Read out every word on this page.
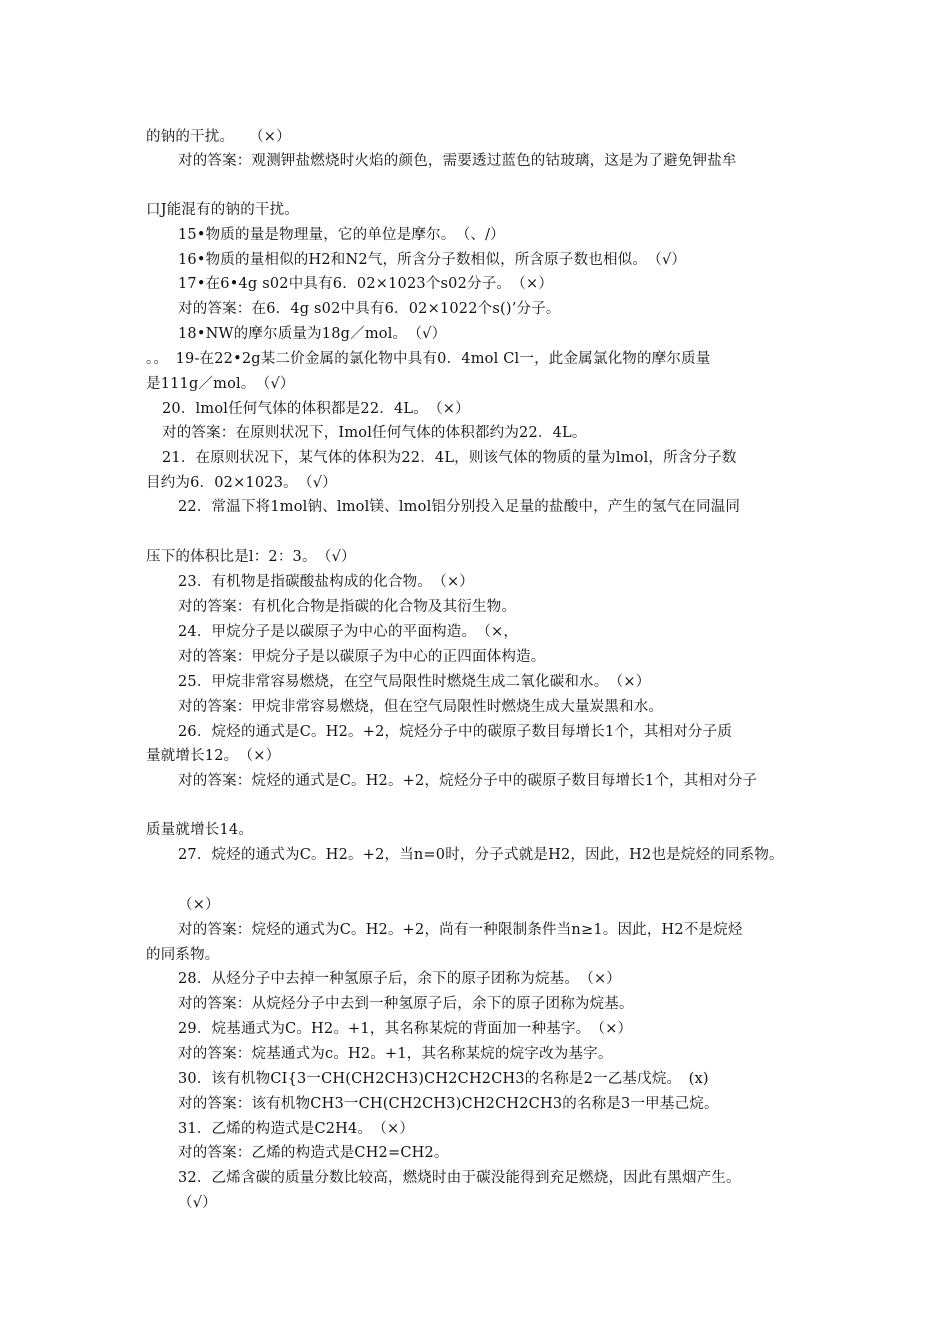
的钠的干扰。　　（×）
对的答案：观测钾盐燃烧时火焰的颜色，需要透过蓝色的钴玻璃，这是为了避免钾盐牟
口J能混有的钠的干扰。
15•物质的量是物理量，它的单位是摩尔。　（、/）
16•物质的量相似的H2和N2气，所含分子数相似，所含原子数也相似。　（√）
17•在6•4g s02中具有6．02×1023个s02分子。　（×）
对的答案：在6．4g s02中具有6．02×1022个s()’分子。
18•NW的摩尔质量为18g／mol。　（√）
。。　19-在22•2g某二价金属的氯化物中具有0．4mol Cl一，此金属氯化物的摩尔质量
是111g／mol。　（√）
20．lmol任何气体的体积都是22．4L。　（×）
对的答案：在原则状况下，Imol任何气体的体积都约为22．4L。
21．在原则状况下，某气体的体积为22．4L，则该气体的物质的量为lmol，所含分子数
目约为6．02×1023。　（√）
22．常温下将1mol钠、lmol镁、lmol铝分别投入足量的盐酸中，产生的氢气在同温同
压下的体积比是l：2：3。　（√）
23．有机物是指碳酸盐构成的化合物。　（×）
对的答案：有机化合物是指碳的化合物及其衍生物。
24．甲烷分子是以碳原子为中心的平面构造。　（×，
对的答案：甲烷分子是以碳原子为中心的正四面体构造。
25．甲烷非常容易燃烧，在空气局限性时燃烧生成二氧化碳和水。　（×）
对的答案：甲烷非常容易燃烧，但在空气局限性时燃烧生成大量炭黑和水。
26．烷烃的通式是C。H2。+2，烷烃分子中的碳原子数目每增长1个，其相对分子质
量就增长12。　（×）
对的答案：烷烃的通式是C。H2。+2，烷烃分子中的碳原子数目每增长1个，其相对分子
质量就增长14。
27．烷烃的通式为C。H2。+2，当n=0时，分子式就是H2，因此，H2也是烷烃的同系物。
（×）
对的答案：烷烃的通式为C。H2。+2，尚有一种限制条件当n≥1。因此，H2不是烷烃
的同系物。
28．从烃分子中去掉一种氢原子后，余下的原子团称为烷基。　（×）
对的答案：从烷烃分子中去到一种氢原子后，余下的原子团称为烷基。
29．烷基通式为C。H2。+1，其名称某烷的背面加一种基字。　（×）
对的答案：烷基通式为c。H2。+1，其名称某烷的烷字改为基字。
30．该有机物CI{3一CH(CH2CH3)CH2CH2CH3的名称是2一乙基戊烷。　(x)
对的答案：该有机物CH3一CH(CH2CH3)CH2CH2CH3的名称是3一甲基己烷。
31．乙烯的构造式是C2H4。　（×）
对的答案：乙烯的构造式是CH2=CH2。
32．乙烯含碳的质量分数比较高，燃烧时由于碳没能得到充足燃烧，因此有黑烟产生。
（√）
